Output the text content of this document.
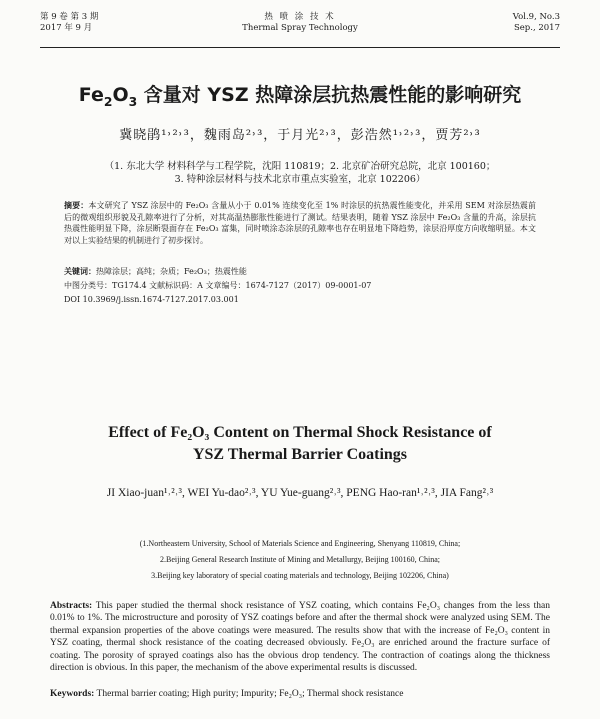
第 9 卷 第 3 期
2017 年 9 月
热 喷 涂 技 术
Thermal Spray Technology
Vol.9, No.3
Sep., 2017
$Fe_2O_3$ 含量对 YSZ 热障涂层抗热震性能的影响研究
冀晓鹃¹˒²˒³，魏雨岛²˒³，于月光²˒³，彭浩然¹˒²˒³，贾芳²˒³
（1. 东北大学 材料科学与工程学院，沈阳 110819；2. 北京矿冶研究总院，北京 100160；
3. 特种涂层材料与技术北京市重点实验室，北京 102206）
摘要：本文研究了 YSZ 涂层中的 Fe₂O₃ 含量从小于 0.01% 连续变化至 1% 时涂层的抗热震性能变化，并采用 SEM 对涂层热震前后的微观组织形貌及孔隙率进行了分析，对其高温热膨胀性能进行了测试。结果表明，随着 YSZ 涂层中 Fe₂O₃ 含量的升高，涂层抗热震性能明显下降，涂层断裂面存在 Fe₂O₃ 富集，同时喷涂态涂层的孔隙率也存在明显地下降趋势，涂层沿厚度方向收缩明显。本文对以上实验结果的机制进行了初步探讨。
关键词：热障涂层；高纯；杂质；Fe₂O₃；热震性能
中图分类号：TG174.4 文献标识码：A 文章编号：1674-7127（2017）09-0001-07
DOI 10.3969/j.issn.1674-7127.2017.03.001
Effect of Fe₂O₃ Content on Thermal Shock Resistance of
YSZ Thermal Barrier Coatings
JI Xiao-juan¹˒²˒³, WEI Yu-dao²˒³, YU Yue-guang²˒³, PENG Hao-ran¹˒²˒³, JIA Fang²˒³
(1.Northeastern University, School of Materials Science and Engineering, Shenyang 110819, China;
2.Beijing General Research Institute of Mining and Metallurgy, Beijing 100160, China;
3.Beijing key laboratory of special coating materials and technology, Beijing 102206, China)
Abstracts: This paper studied the thermal shock resistance of YSZ coating, which contains Fe₂O₃ changes from the less than 0.01% to 1%. The microstructure and porosity of YSZ coatings before and after the thermal shock were analyzed using SEM. The thermal expansion properties of the above coatings were measured. The results show that with the increase of Fe₂O₃ content in YSZ coating, thermal shock resistance of the coating decreased obviously. Fe₂O₃ are enriched around the fracture surface of coating. The porosity of sprayed coatings also has the obvious drop tendency. The contraction of coatings along the thickness direction is obvious. In this paper, the mechanism of the above experimental results is discussed.
Keywords: Thermal barrier coating; High purity; Impurity; Fe₂O₃; Thermal shock resistance
